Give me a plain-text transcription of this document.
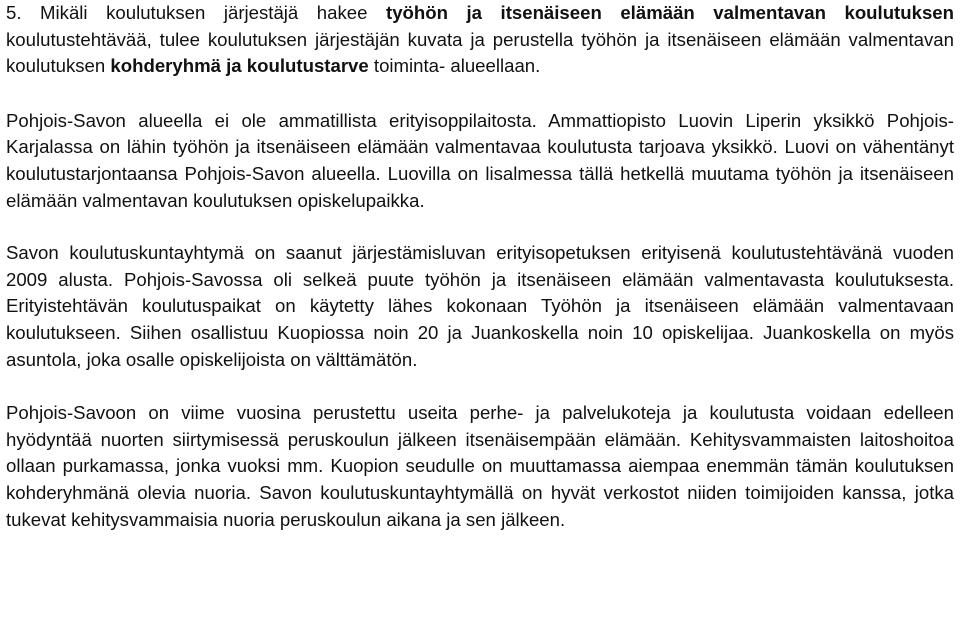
5. Mikäli koulutuksen järjestäjä hakee työhön ja itsenäiseen elämään valmentavan koulutuksen koulutustehtävää, tulee koulutuksen järjestäjän kuvata ja perustella työhön ja itsenäiseen elämään valmentavan koulutuksen kohderyhmä ja koulutustarve toiminta- alueellaan.

Pohjois-Savon alueella ei ole ammatillista erityisoppilaitosta. Ammattiopisto Luovin Liperin yksikkö Pohjois-Karjalassa on lähin työhön ja itsenäiseen elämään valmentavaa koulutusta tarjoava yksikkö. Luovi on vähentänyt koulutustarjontaansa Pohjois-Savon alueella. Luovilla on lisalmessa tällä hetkellä muutama työhön ja itsenäiseen elämään valmentavan koulutuksen opiskelupaikka.

Savon koulutuskuntayhtymä on saanut järjestämisluvan erityisopetuksen erityisenä koulutustehtävänä vuoden 2009 alusta. Pohjois-Savossa oli selkeä puute työhön ja itsenäiseen elämään valmentavasta koulutuksesta. Erityistehtävän koulutuspaikat on käytetty lähes kokonaan Työhön ja itsenäiseen elämään valmentavaan koulutukseen. Siihen osallistuu Kuopiossa noin 20 ja Juankoskella noin 10 opiskelijaa. Juankoskella on myös asuntola, joka osalle opiskelijoista on välttämätön.

Pohjois-Savoon on viime vuosina perustettu useita perhe- ja palvelukoteja ja koulutusta voidaan edelleen hyödyntää nuorten siirtymisessä peruskoulun jälkeen itsenäisempään elämään. Kehitysvammaisten laitoshoitoa ollaan purkamassa, jonka vuoksi mm. Kuopion seudulle on muuttamassa aiempaa enemmän tämän koulutuksen kohderyhmänä olevia nuoria. Savon koulutuskuntayhtymällä on hyvät verkostot niiden toimijoiden kanssa, jotka tukevat kehitysvammaisia nuoria peruskoulun aikana ja sen jälkeen.
